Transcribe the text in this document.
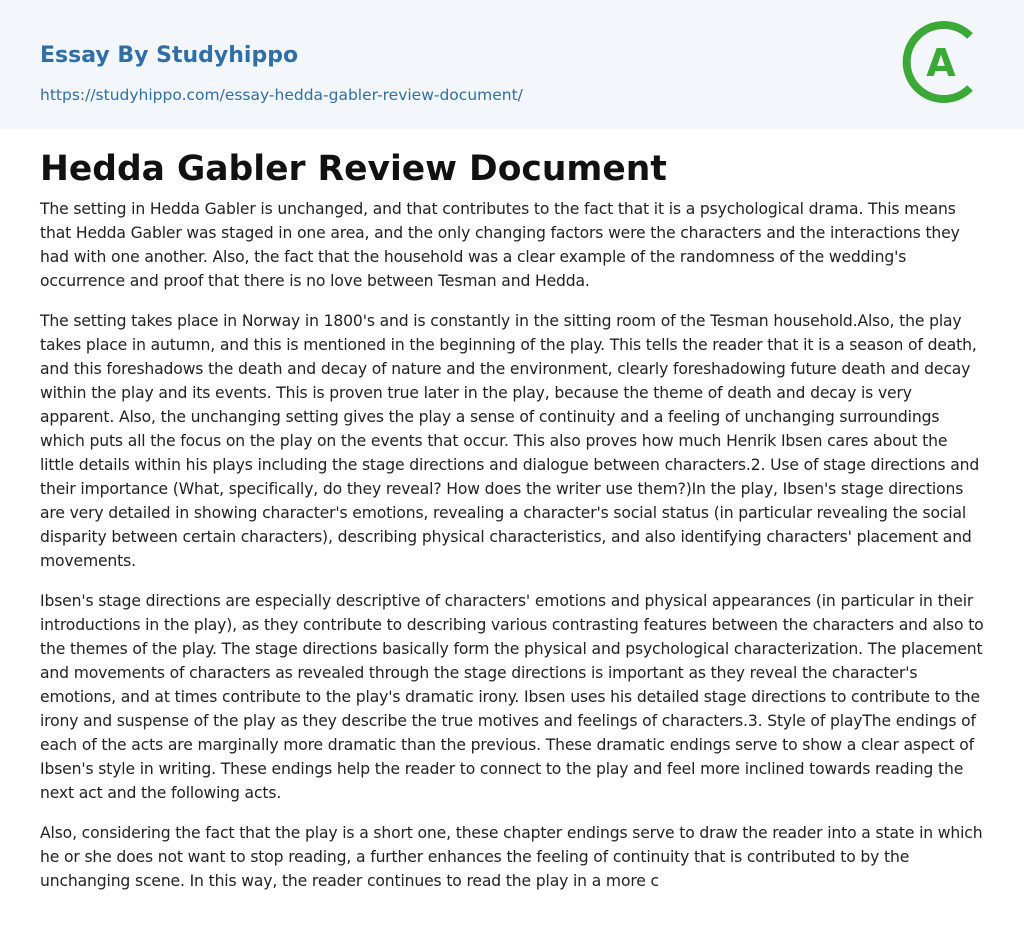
Essay By Studyhippo
https://studyhippo.com/essay-hedda-gabler-review-document/
A
Hedda Gabler Review Document

The setting in Hedda Gabler is unchanged, and that contributes to the fact that it is a psychological drama. This means that Hedda Gabler was staged in one area, and the only changing factors were the characters and the interactions they had with one another. Also, the fact that the household was a clear example of the randomness of the wedding's occurrence and proof that there is no love between Tesman and Hedda.

The setting takes place in Norway in 1800's and is constantly in the sitting room of the Tesman household.Also, the play takes place in autumn, and this is mentioned in the beginning of the play. This tells the reader that it is a season of death, and this foreshadows the death and decay of nature and the environment, clearly foreshadowing future death and decay within the play and its events. This is proven true later in the play, because the theme of death and decay is very apparent. Also, the unchanging setting gives the play a sense of continuity and a feeling of unchanging surroundings which puts all the focus on the play on the events that occur. This also proves how much Henrik Ibsen cares about the little details within his plays including the stage directions and dialogue between characters.2. Use of stage directions and their importance (What, specifically, do they reveal? How does the writer use them?)In the play, Ibsen's stage directions are very detailed in showing character's emotions, revealing a character's social status (in particular revealing the social disparity between certain characters), describing physical characteristics, and also identifying characters' placement and movements.

Ibsen's stage directions are especially descriptive of characters' emotions and physical appearances (in particular in their introductions in the play), as they contribute to describing various contrasting features between the characters and also to the themes of the play. The stage directions basically form the physical and psychological characterization. The placement and movements of characters as revealed through the stage directions is important as they reveal the character's emotions, and at times contribute to the play's dramatic irony. Ibsen uses his detailed stage directions to contribute to the irony and suspense of the play as they describe the true motives and feelings of characters.3. Style of playThe endings of each of the acts are marginally more dramatic than the previous. These dramatic endings serve to show a clear aspect of Ibsen's style in writing. These endings help the reader to connect to the play and feel more inclined towards reading the next act and the following acts.

Also, considering the fact that the play is a short one, these chapter endings serve to draw the reader into a state in which he or she does not want to stop reading, a further enhances the feeling of continuity that is contributed to by the unchanging scene. In this way, the reader continues to read the play in a more c
